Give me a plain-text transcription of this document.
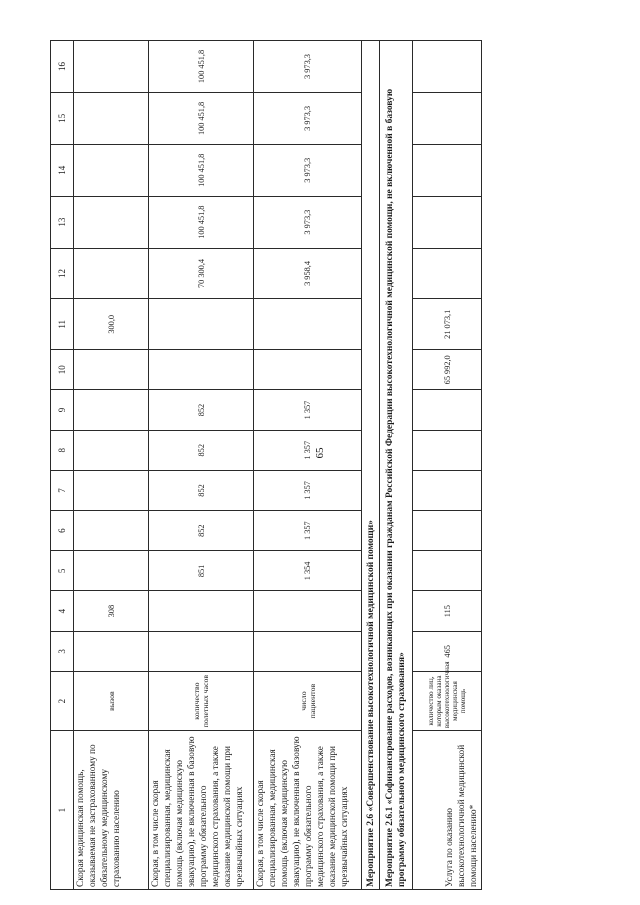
65
1	2	3	4	5	6	7	8	9	10	11	12	13	14	15	16
Скорая медицинская помощь, оказываемая не застрахованному по обязательному медицинскому страхованию населению	вызов		308							300,0					
Скорая, в том числе скорая специализированная, медицинская помощь (включая медицинскую эвакуацию), не включенная в базовую программу обязательного медицинского страхования, а также оказание медицинской помощи при чрезвычайных ситуациях	количество полетных часов			851	852	852	852	852			70 300,4	100 451,8	100 451,8	100 451,8	100 451,8
Скорая, в том числе скорая специализированная, медицинская помощь (включая медицинскую эвакуацию), не включенная в базовую программу обязательного медицинского страхования, а также оказание медицинской помощи при чрезвычайных ситуациях	число пациентов			1 354	1 357	1 357	1 357	1 357			3 958,4	3 973,3	3 973,3	3 973,3	3 973,3
Мероприятие 2.6 «Совершенствование высокотехнологичной медицинской помощи»															
Мероприятие 2.6.1 «Софинансирование расходов, возникающих при оказании гражданам Российской Федерации высокотехнологичной медицинской помощи, не включенной в базовую программу обязательного медицинского страхования»															
Услуга по оказанию высокотехнологичной медицинской помощи населению*	количество лиц, которым оказана высокотехнологичная медицинская помощь	465	115						65 992,0	21 073,1					
